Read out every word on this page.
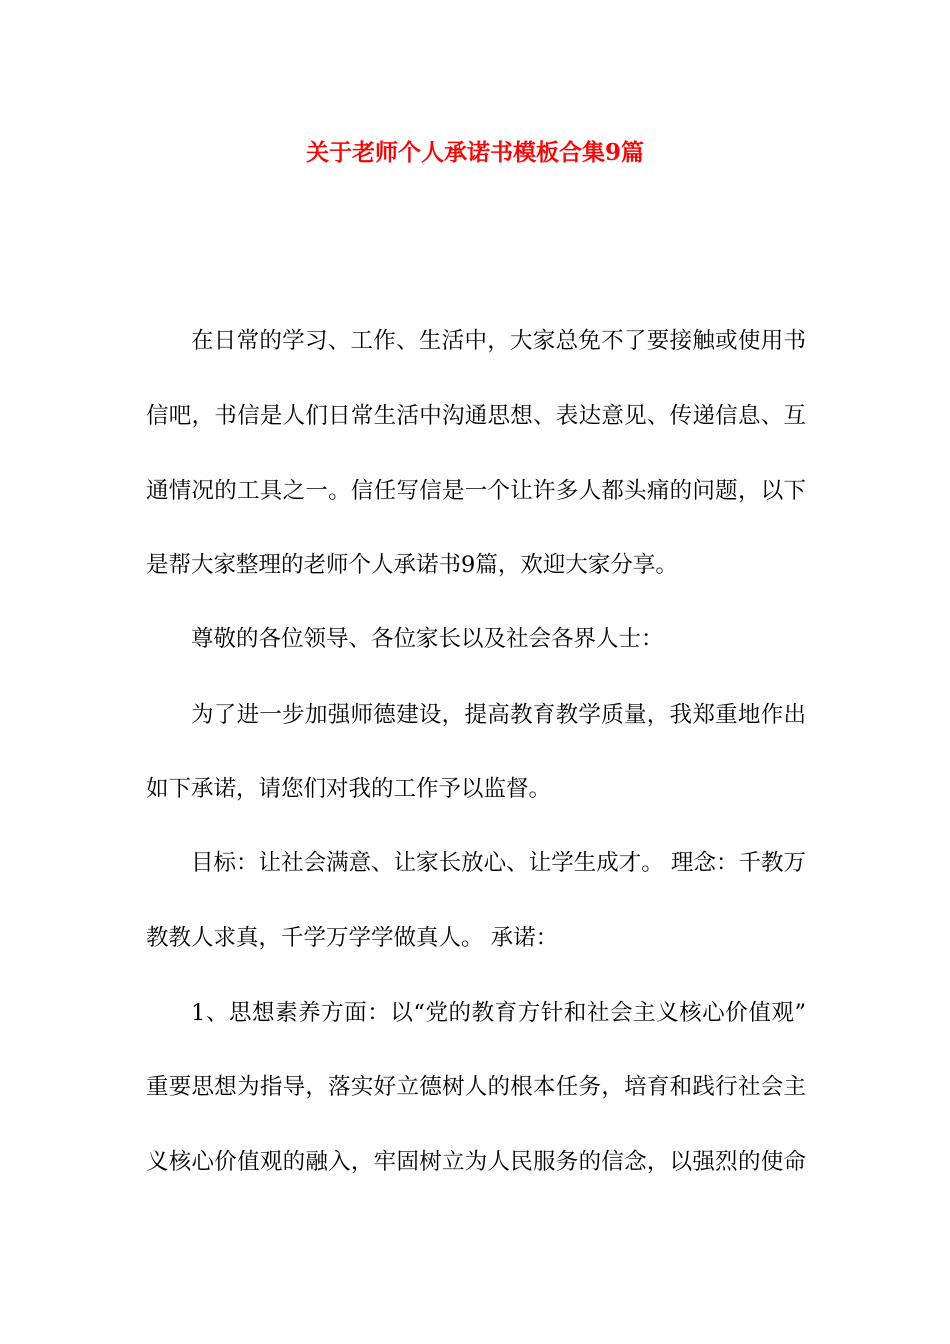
关于老师个人承诺书模板合集9篇

在日常的学习、工作、生活中，大家总免不了要接触或使用书

信吧，书信是人们日常生活中沟通思想、表达意见、传递信息、互

通情况的工具之一。信任写信是一个让许多人都头痛的问题，以下

是帮大家整理的老师个人承诺书9篇，欢迎大家分享。

尊敬的各位领导、各位家长以及社会各界人士：

为了进一步加强师德建设，提高教育教学质量，我郑重地作出

如下承诺，请您们对我的工作予以监督。

目标：让社会满意、让家长放心、让学生成才。 理念：千教万

教教人求真，千学万学学做真人。 承诺：

1、思想素养方面：以“党的教育方针和社会主义核心价值观”

重要思想为指导，落实好立德树人的根本任务，培育和践行社会主

义核心价值观的融入，牢固树立为人民服务的信念，以强烈的使命
